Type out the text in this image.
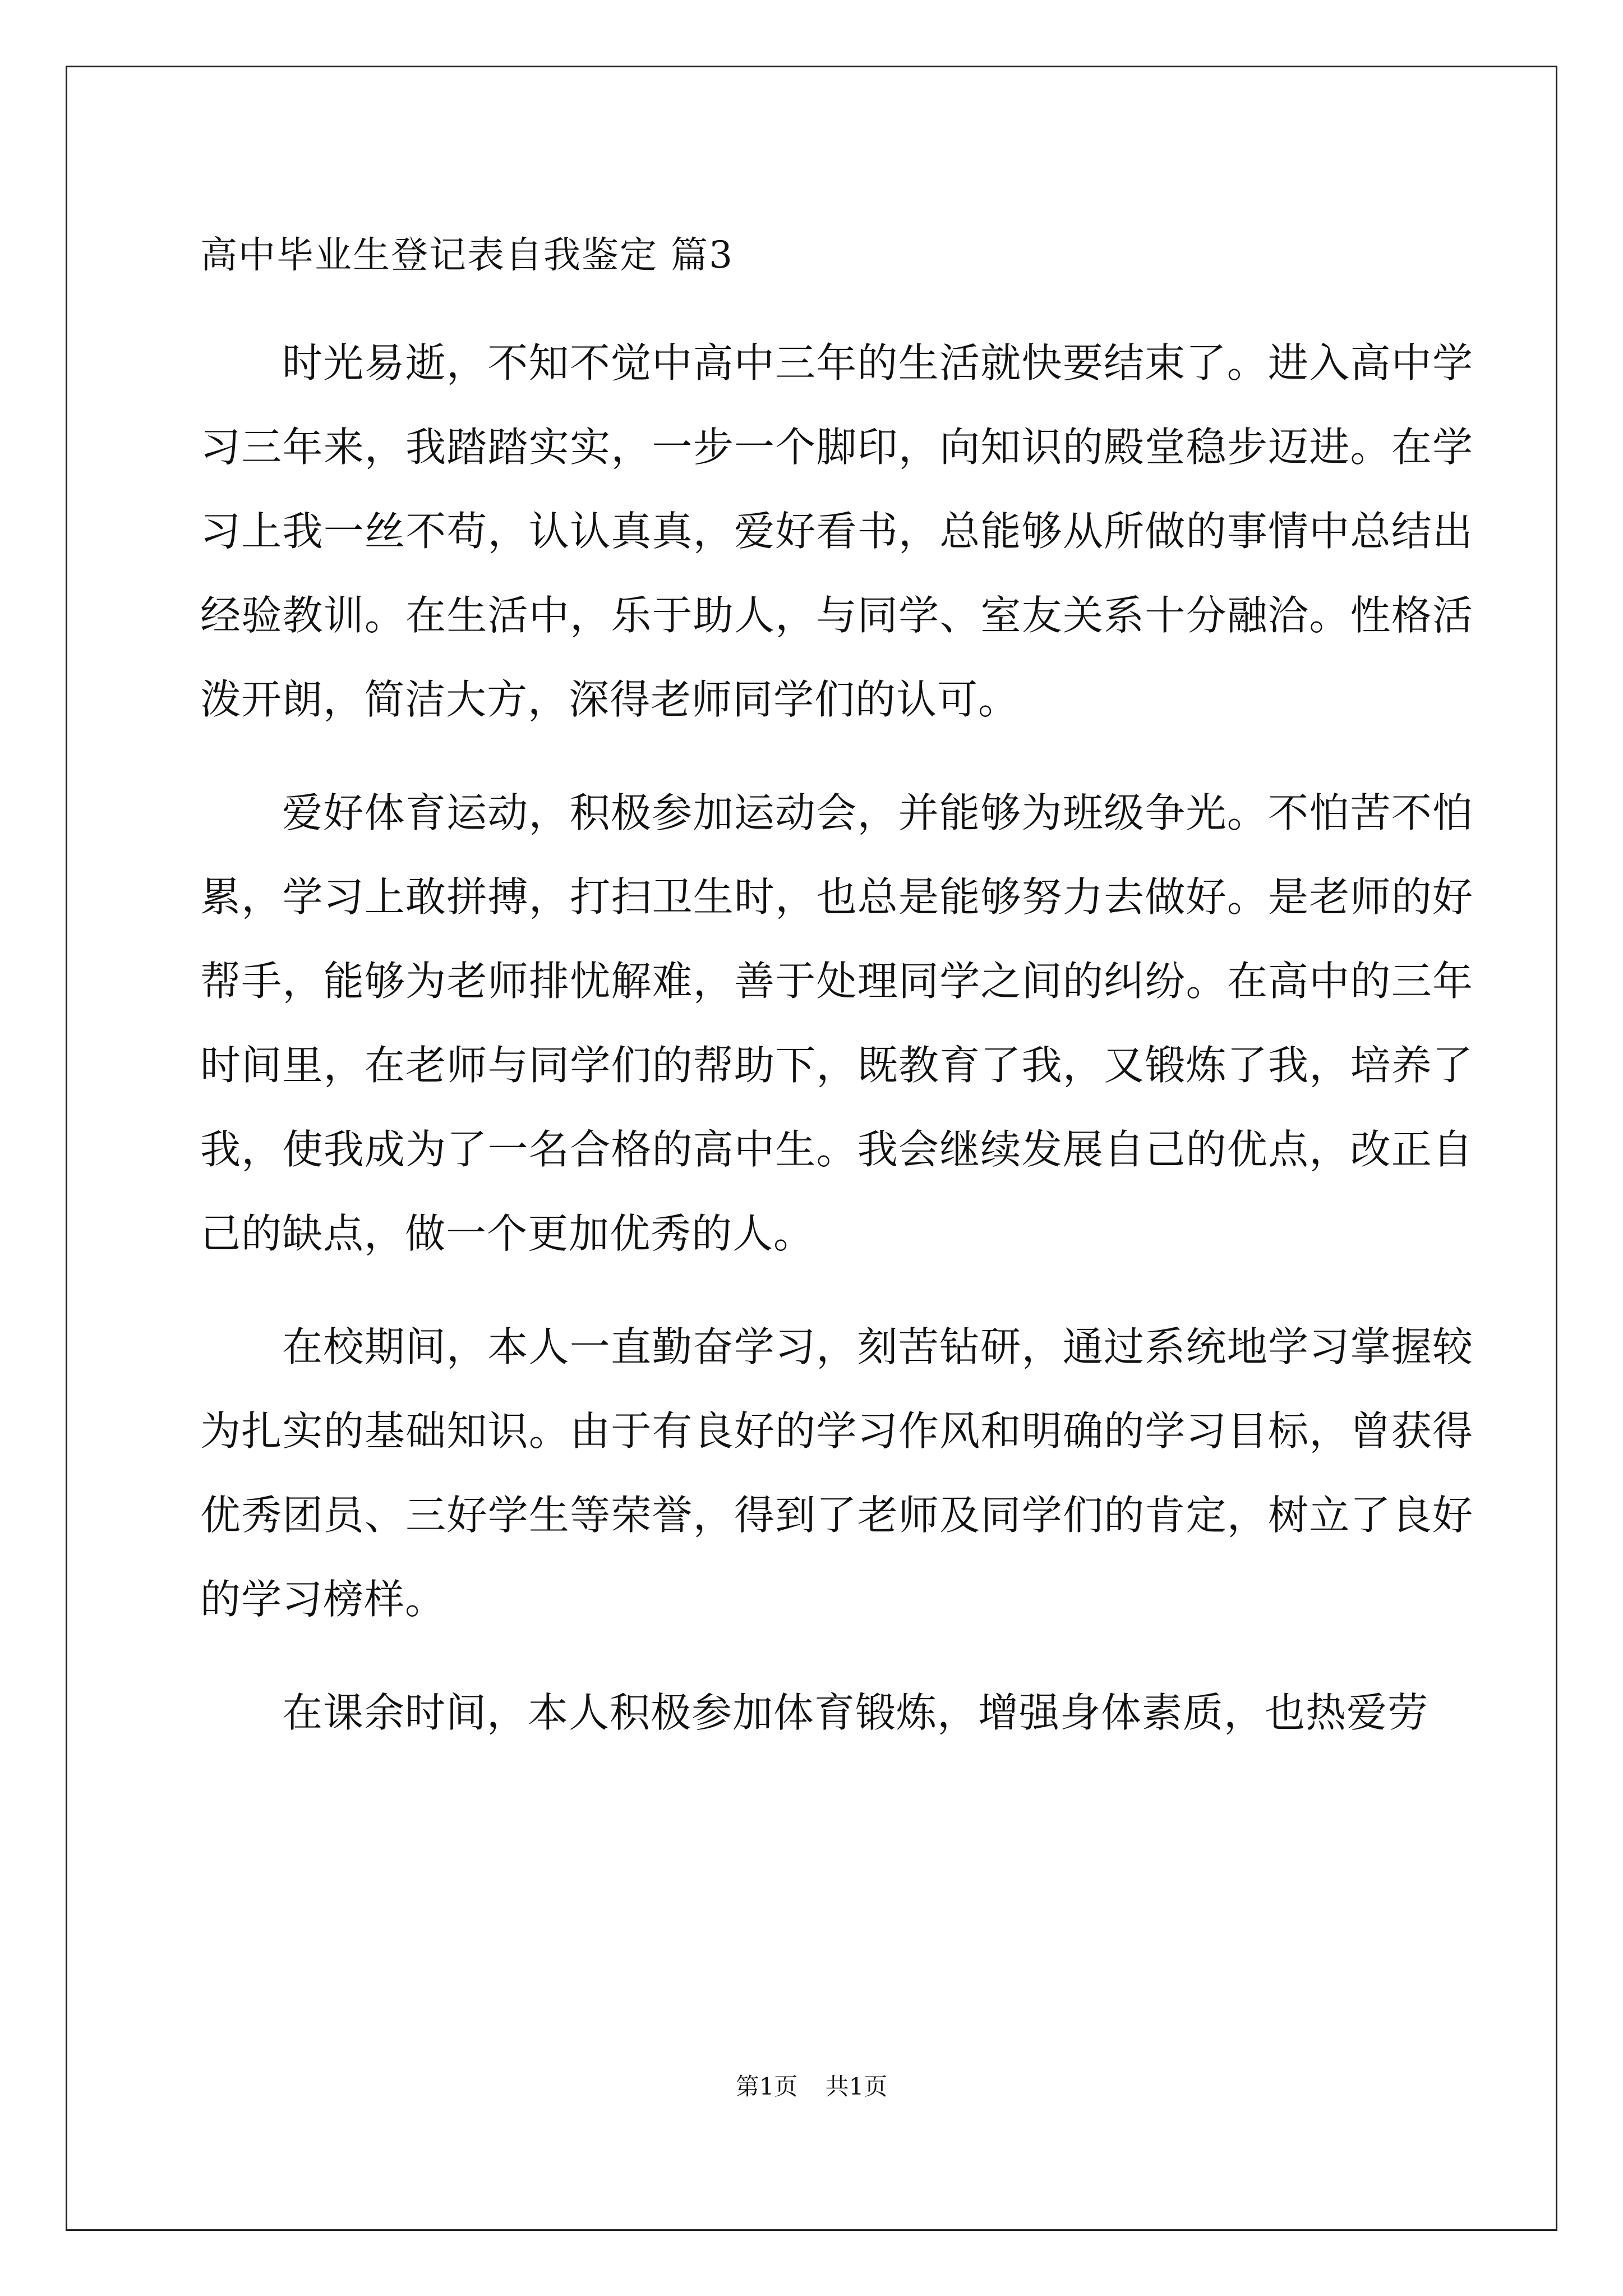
高中毕业生登记表自我鉴定 篇3

时光易逝，不知不觉中高中三年的生活就快要结束了。进入高中学习三年来，我踏踏实实，一步一个脚印，向知识的殿堂稳步迈进。在学习上我一丝不苟，认认真真，爱好看书，总能够从所做的事情中总结出经验教训。在生活中，乐于助人，与同学、室友关系十分融洽。性格活泼开朗，简洁大方，深得老师同学们的认可。

爱好体育运动，积极参加运动会，并能够为班级争光。不怕苦不怕累，学习上敢拼搏，打扫卫生时，也总是能够努力去做好。是老师的好帮手，能够为老师排忧解难，善于处理同学之间的纠纷。在高中的三年时间里，在老师与同学们的帮助下，既教育了我，又锻炼了我，培养了我，使我成为了一名合格的高中生。我会继续发展自己的优点，改正自己的缺点，做一个更加优秀的人。

在校期间，本人一直勤奋学习，刻苦钻研，通过系统地学习掌握较为扎实的基础知识。由于有良好的学习作风和明确的学习目标，曾获得优秀团员、三好学生等荣誉，得到了老师及同学们的肯定，树立了良好的学习榜样。

在课余时间，本人积极参加体育锻炼，增强身体素质，也热爱劳

第1页 共1页
